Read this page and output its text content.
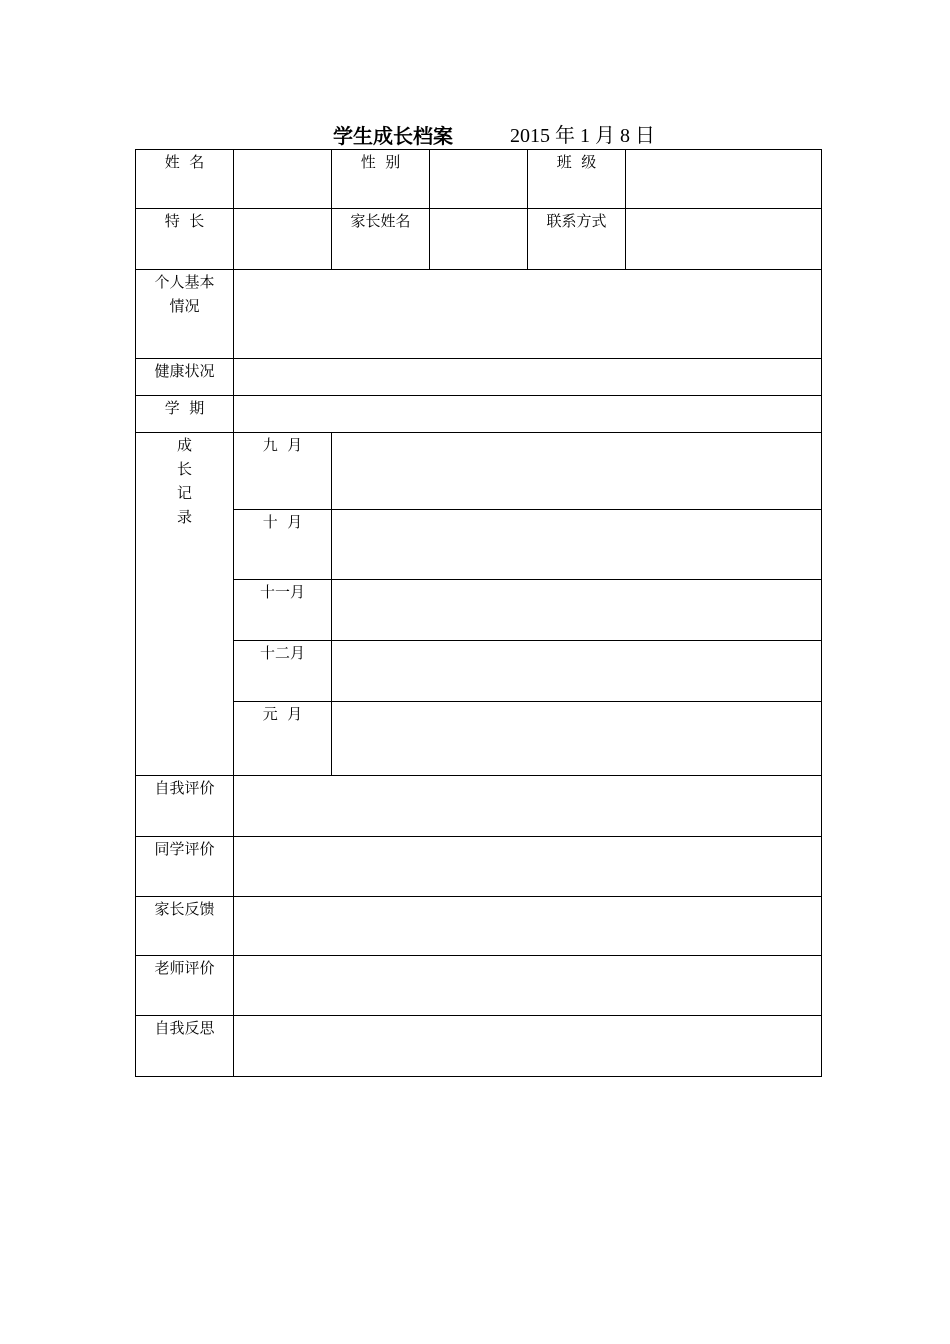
学生成长档案	2015 年 1 月 8 日
姓  名		性  别		班  级	
特  长		家长姓名		联系方式	

个人基本
情况					

健康状况					
学  期					

成
长
记
录	九  月				
	十  月				
	十一月				
	十二月				
	元  月				
自我评价					
同学评价					
家长反馈					
老师评价					
自我反思					
